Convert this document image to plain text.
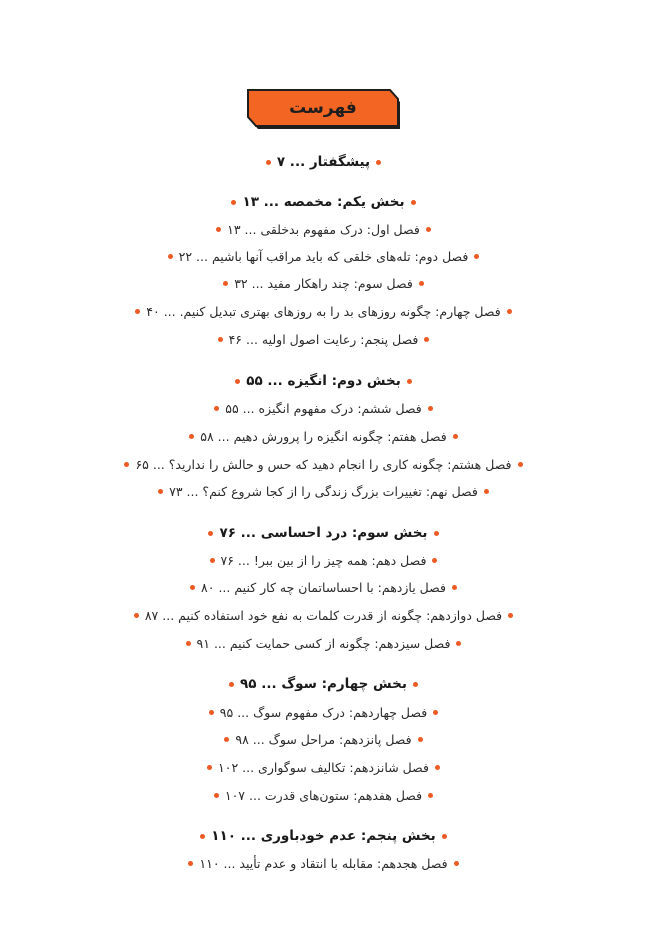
فهرست
پیشگفتار ... ۷
بخش یکم: مخمصه ... ۱۳
فصل اول: درک مفهوم بدخلقی ... ۱۳
فصل دوم: تله‌های خلقی که باید مراقب آنها باشیم ... ۲۲
فصل سوم: چند راهکار مفید ... ۳۲
فصل چهارم: چگونه روزهای بد را به روزهای بهتری تبدیل کنیم. ... ۴۰
فصل پنجم: رعایت اصول اولیه ... ۴۶
بخش دوم: انگیزه ... ۵۵
فصل ششم: درک مفهوم انگیزه ... ۵۵
فصل هفتم: چگونه انگیزه را پرورش دهیم ... ۵۸
فصل هشتم: چگونه کاری را انجام دهید که حس و حالش را ندارید؟ ... ۶۵
فصل نهم: تغییرات بزرگ زندگی را از کجا شروع کنم؟ ... ۷۳
بخش سوم: درد احساسی ... ۷۶
فصل دهم: همه چیز را از بین ببر! ... ۷۶
فصل یازدهم: با احساساتمان چه کار کنیم ... ۸۰
فصل دوازدهم: چگونه از قدرت کلمات به نفع خود استفاده کنیم ... ۸۷
فصل سیزدهم: چگونه از کسی حمایت کنیم ... ۹۱
بخش چهارم: سوگ ... ۹۵
فصل چهاردهم: درک مفهوم سوگ ... ۹۵
فصل پانزدهم: مراحل سوگ ... ۹۸
فصل شانزدهم: تکالیف سوگواری ... ۱۰۲
فصل هفدهم: ستون‌های قدرت ... ۱۰۷
بخش پنجم: عدم خودباوری ... ۱۱۰
فصل هجدهم: مقابله با انتقاد و عدم تأیید ... ۱۱۰
